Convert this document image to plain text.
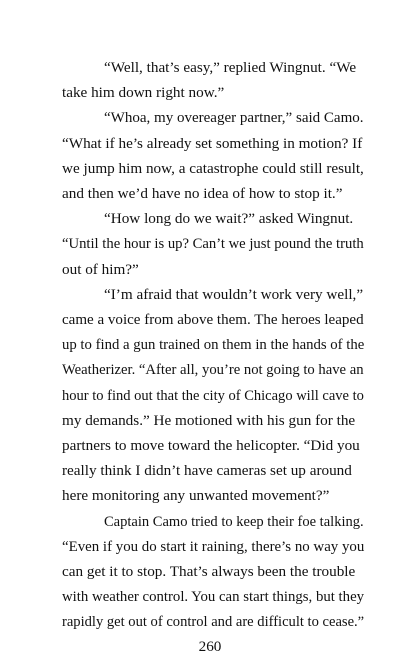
“Well, that’s easy,” replied Wingnut. “We

take him down right now.”

“Whoa, my overeager partner,” said Camo.

“What if he’s already set something in motion? If

we jump him now, a catastrophe could still result,

and then we’d have no idea of how to stop it.”

“How long do we wait?” asked Wingnut.

“Until the hour is up? Can’t we just pound the truth

out of him?”

“I’m afraid that wouldn’t work very well,”

came a voice from above them. The heroes leaped

up to find a gun trained on them in the hands of the

Weatherizer. “After all, you’re not going to have an

hour to find out that the city of Chicago will cave to

my demands.” He motioned with his gun for the

partners to move toward the helicopter. “Did you

really think I didn’t have cameras set up around

here monitoring any unwanted movement?”

Captain Camo tried to keep their foe talking.

“Even if you do start it raining, there’s no way you

can get it to stop. That’s always been the trouble

with weather control. You can start things, but they

rapidly get out of control and are difficult to cease.”

260
